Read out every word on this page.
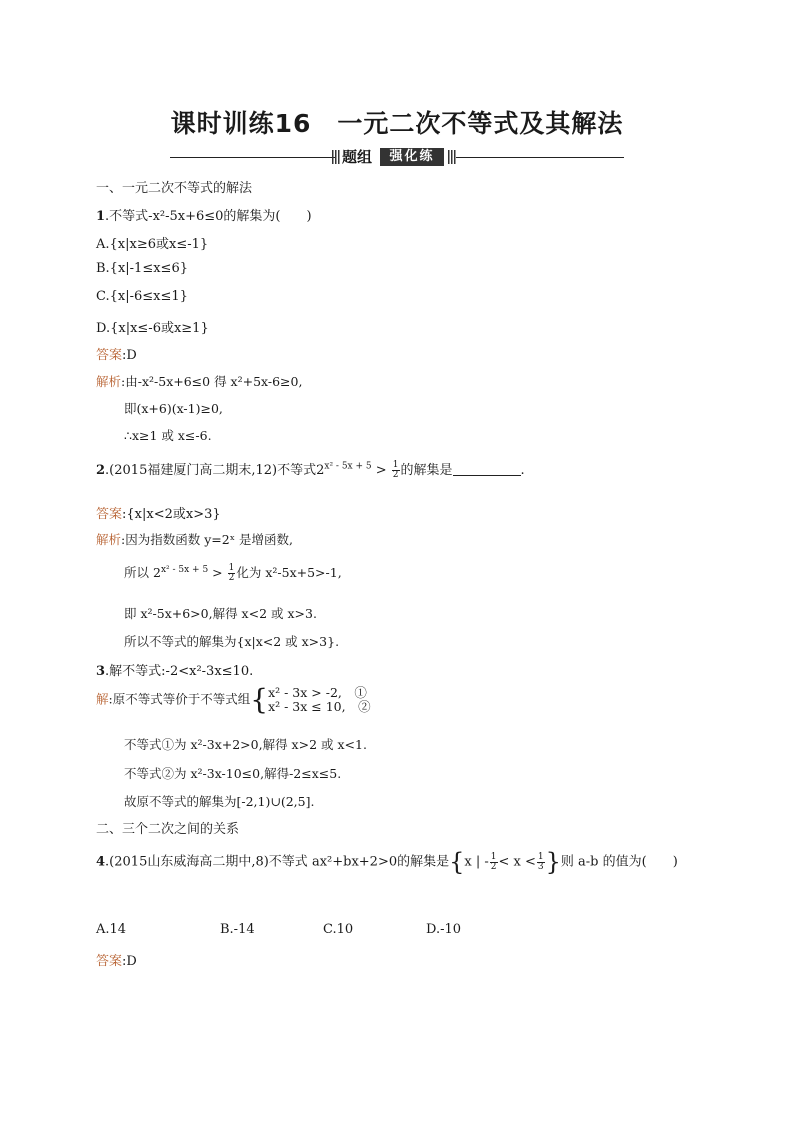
课时训练16　一元二次不等式及其解法
题组	强化练
一、一元二次不等式的解法
1.不等式-x²-5x+6≤0的解集为(　　)
A.{x|x≥6或x≤-1}
B.{x|-1≤x≤6}
C.{x|-6≤x≤1}
D.{x|x≤-6或x≥1}
答案:D
解析:由-x²-5x+6≤0 得 x²+5x-6≥0,
即(x+6)(x-1)≥0,
∴x≥1 或 x≤-6.
2.(2015福建厦门高二期末,12)不等式$2^{x^2 - 5x + 5} > \frac{1}{2}$ 的解集是	.
答案:{x|x<2或x>3}
解析:因为指数函数 y=2ˣ 是增函数,
所以 $2^{x^2 - 5x + 5} > \frac{1}{2}$ 化为 x²-5x+5>-1,
即 x²-5x+6>0,解得 x<2 或 x>3.
所以不等式的解集为{x|x<2 或 x>3}.
3.解不等式:-2<x²-3x≤10.
解:原不等式等价于不等式组{ x² - 3x > -2,　①
x² - 3x ≤ 10,　②
不等式①为 x²-3x+2>0,解得 x>2 或 x<1.
不等式②为 x²-3x-10≤0,解得-2≤x≤5.
故原不等式的解集为[-2,1)∪(2,5].
二、三个二次之间的关系
4.(2015山东威海高二期中,8)不等式 ax²+bx+2>0的解集是{x | - $\frac{1}{2} < x < \frac{1}{3}$ }则 a-b 的值为(　　)
A.14	B.-14	C.10	D.-10
答案:D
